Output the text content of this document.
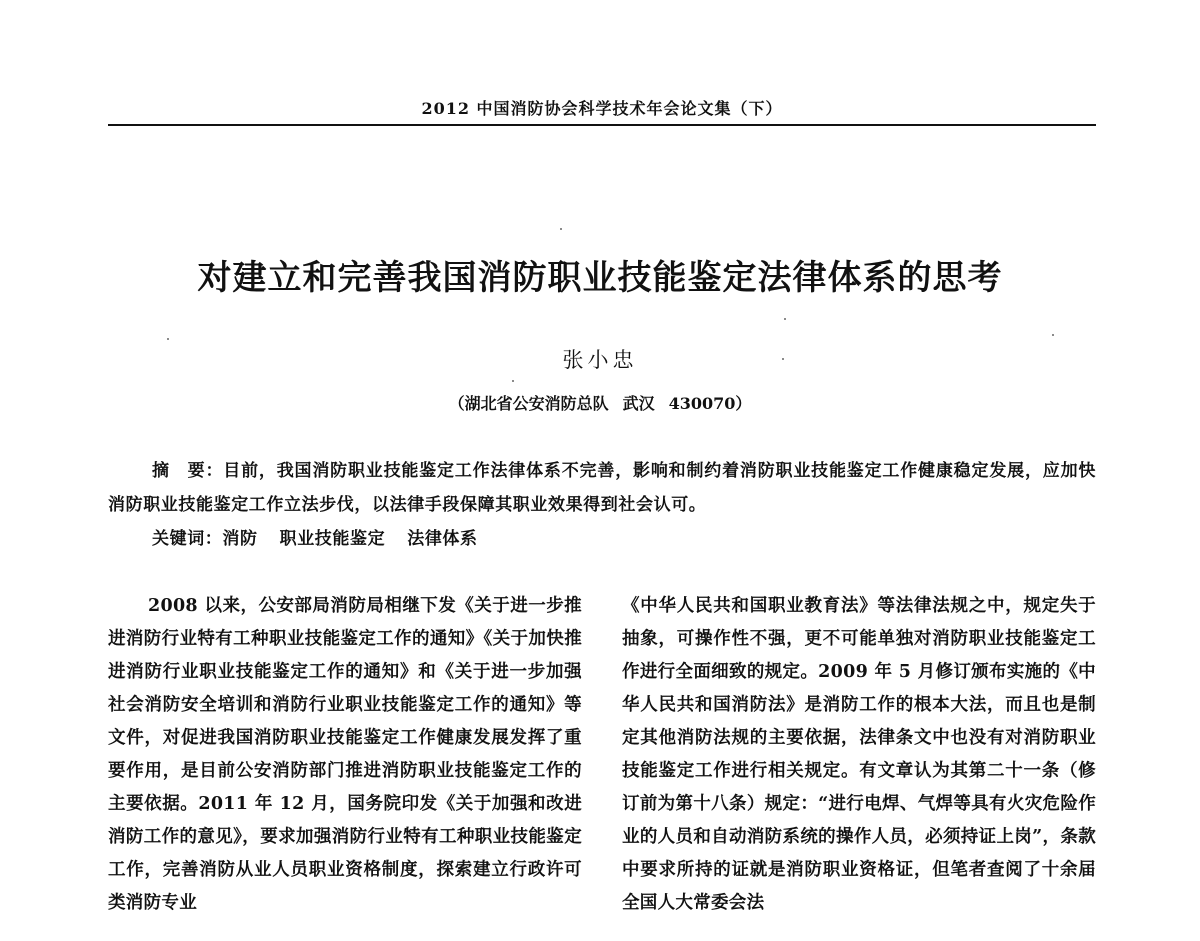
2012 中国消防协会科学技术年会论文集（下）
对建立和完善我国消防职业技能鉴定法律体系的思考
张小忠
（湖北省公安消防总队 武汉 430070）
摘　要：目前，我国消防职业技能鉴定工作法律体系不完善，影响和制约着消防职业技能鉴定工作健康稳定发展，应加快消防职业技能鉴定工作立法步伐，以法律手段保障其职业效果得到社会认可。
关键词：消防 职业技能鉴定 法律体系
2008 以来，公安部局消防局相继下发《关于进一步推进消防行业特有工种职业技能鉴定工作的通知》《关于加快推进消防行业职业技能鉴定工作的通知》和《关于进一步加强社会消防安全培训和消防行业职业技能鉴定工作的通知》等文件，对促进我国消防职业技能鉴定工作健康发展发挥了重要作用，是目前公安消防部门推进消防职业技能鉴定工作的主要依据。2011 年 12 月，国务院印发《关于加强和改进消防工作的意见》，要求加强消防行业特有工种职业技能鉴定工作，完善消防从业人员职业资格制度，探索建立行政许可类消防专业
《中华人民共和国职业教育法》等法律法规之中，规定失于抽象，可操作性不强，更不可能单独对消防职业技能鉴定工作进行全面细致的规定。2009 年 5 月修订颁布实施的《中华人民共和国消防法》是消防工作的根本大法，而且也是制定其他消防法规的主要依据，法律条文中也没有对消防职业技能鉴定工作进行相关规定。有文章认为其第二十一条（修订前为第十八条）规定：“进行电焊、气焊等具有火灾危险作业的人员和自动消防系统的操作人员，必须持证上岗”，条款中要求所持的证就是消防职业资格证，但笔者查阅了十余届全国人大常委会法
